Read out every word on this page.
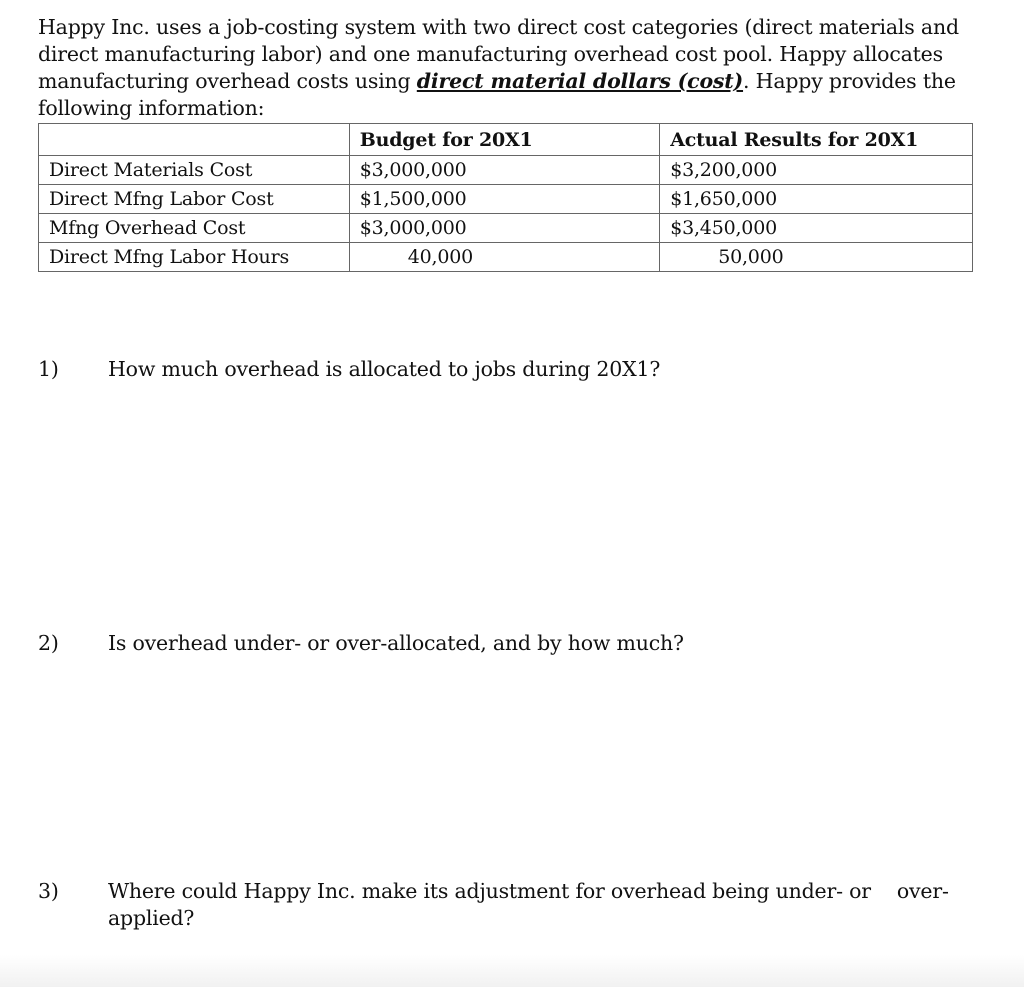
Happy Inc. uses a job-costing system with two direct cost categories (direct materials and direct manufacturing labor) and one manufacturing overhead cost pool. Happy allocates manufacturing overhead costs using direct material dollars (cost). Happy provides the following information:

	Budget for 20X1	Actual Results for 20X1
Direct Materials Cost	$3,000,000	$3,200,000
Direct Mfng Labor Cost	$1,500,000	$1,650,000
Mfng Overhead Cost	$3,000,000	$3,450,000
Direct Mfng Labor Hours	40,000	50,000
1) How much overhead is allocated to jobs during 20X1?
2) Is overhead under- or over-allocated, and by how much?
3) Where could Happy Inc. make its adjustment for overhead being under- or over-
applied?
